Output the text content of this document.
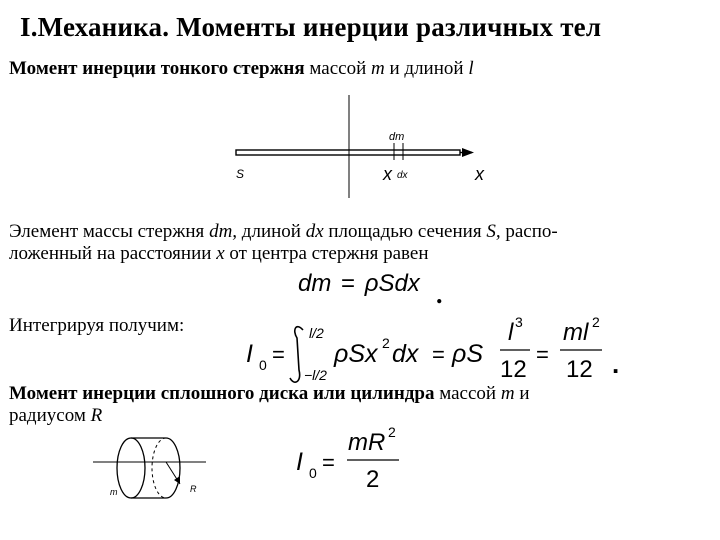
I.Механика. Моменты инерции различных тел
Момент инерции тонкого стержня массой m и длиной l
dm
S	x dx	x
Элемент массы стержня dm, длиной dx площадью сечения S, распо-
ложенный на расстоянии x от центра стержня равен
dm = ρSdx .
Интегрируя получим:
I 0 =
l/2
−l/2
ρSx 2 dx = ρS
l 3
12
=
ml 2
12 .
Момент инерции сплошного диска или цилиндра массой m и
радиусом R
m	R
I 0 =
mR 2
2
